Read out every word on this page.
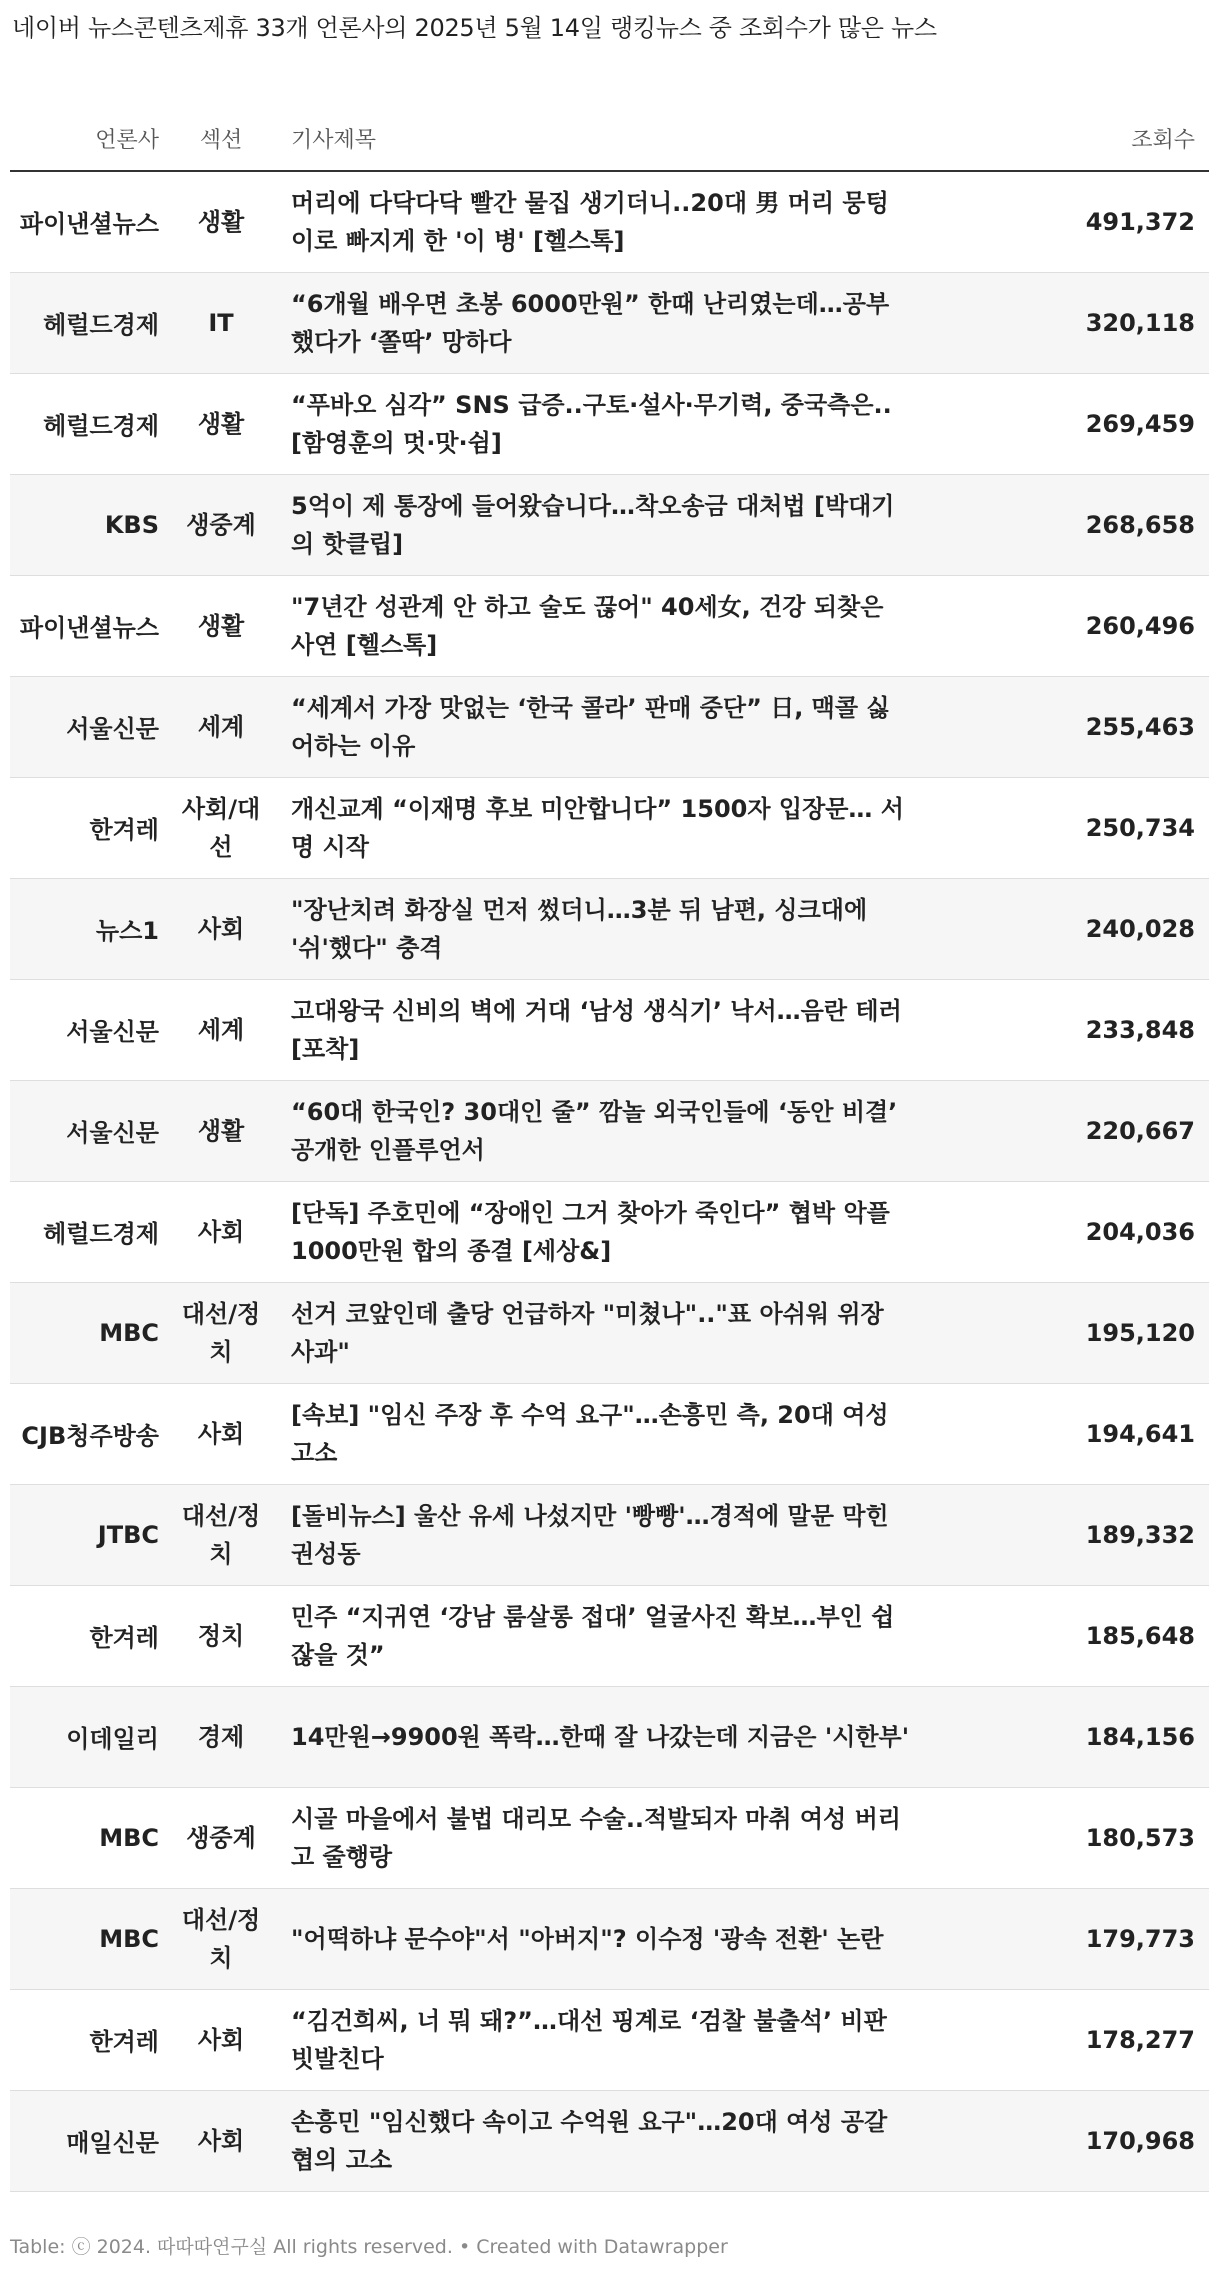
네이버 뉴스콘텐츠제휴 33개 언론사의 2025년 5월 14일 랭킹뉴스 중 조회수가 많은 뉴스
언론사	섹션	기사제목	조회수
파이낸셜뉴스	생활	머리에 다닥다닥 빨간 물집 생기더니..20대 男 머리 뭉텅이로 빠지게 한 '이 병' [헬스톡]	491,372
헤럴드경제	IT	“6개월 배우면 초봉 6000만원” 한때 난리였는데…공부했다가 ‘쫄딱’ 망하다	320,118
헤럴드경제	생활	“푸바오 심각” SNS 급증..구토·설사·무기력, 중국측은..[함영훈의 멋·맛·쉼]	269,459
KBS	생중계	5억이 제 통장에 들어왔습니다…착오송금 대처법 [박대기의 핫클립]	268,658
파이낸셜뉴스	생활	"7년간 성관계 안 하고 술도 끊어" 40세女, 건강 되찾은 사연 [헬스톡]	260,496
서울신문	세계	“세계서 가장 맛없는 ‘한국 콜라’ 판매 중단” 日, 맥콜 싫어하는 이유	255,463
한겨레	사회/대선	개신교계 “이재명 후보 미안합니다” 1500자 입장문… 서명 시작	250,734
뉴스1	사회	"장난치려 화장실 먼저 썼더니…3분 뒤 남편, 싱크대에 '쉬'했다" 충격	240,028
서울신문	세계	고대왕국 신비의 벽에 거대 ‘남성 생식기’ 낙서…음란 테러 [포착]	233,848
서울신문	생활	“60대 한국인? 30대인 줄” 깜놀 외국인들에 ‘동안 비결’ 공개한 인플루언서	220,667
헤럴드경제	사회	[단독] 주호민에 “장애인 그거 찾아가 죽인다” 협박 악플 1000만원 합의 종결 [세상&]	204,036
MBC	대선/정치	선거 코앞인데 출당 언급하자 "미쳤나".."표 아쉬워 위장 사과"	195,120
CJB청주방송	사회	[속보] "임신 주장 후 수억 요구"…손흥민 측, 20대 여성 고소	194,641
JTBC	대선/정치	[돌비뉴스] 울산 유세 나섰지만 '빵빵'…경적에 말문 막힌 권성동	189,332
한겨레	정치	민주 “지귀연 ‘강남 룸살롱 접대’ 얼굴사진 확보…부인 쉽잖을 것”	185,648
이데일리	경제	14만원→9900원 폭락…한때 잘 나갔는데 지금은 '시한부'	184,156
MBC	생중계	시골 마을에서 불법 대리모 수술..적발되자 마취 여성 버리고 줄행랑	180,573
MBC	대선/정치	"어떡하냐 문수야"서 "아버지"? 이수정 '광속 전환' 논란	179,773
한겨레	사회	“김건희씨, 너 뭐 돼?”…대선 핑계로 ‘검찰 불출석’ 비판 빗발친다	178,277
매일신문	사회	손흥민 "임신했다 속이고 수억원 요구"…20대 여성 공갈 협의 고소	170,968
Table: ⓒ 2024. 따따따연구실 All rights reserved. • Created with Datawrapper
